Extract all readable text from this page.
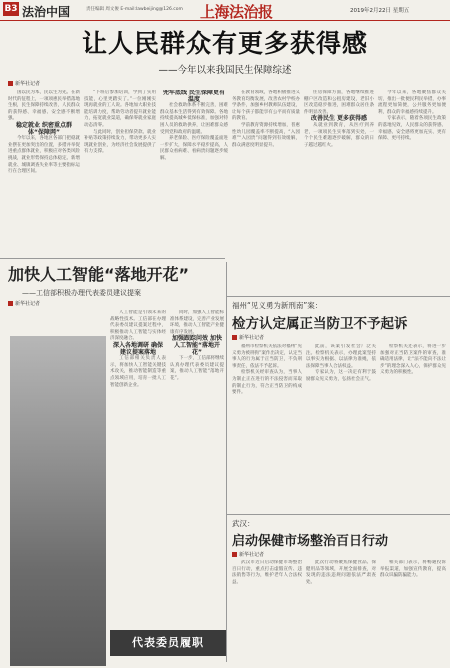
B3 法治中国	责任编辑 周文俊 E-mail:lawbeijing@126.com	上海法治报	2019年2月22日 星期五
让人民群众有更多获得感
——今年以来我国民生保障综述
新华社记者

国以民为本，民以生为先。在新时代的征程上，一项项惠民举措落地生根，民生保障持续改善，人民群众的获得感、幸福感、安全感不断增强。

稳定就业 织密重点群体“保障网”

今年以来，各地区各部门把稳就业摆在更加突出的位置，多措并举促进重点群体就业，积极应对各类风险挑战，就业形势保持总体稳定。新增就业、城镇调查失业率等主要指标运行在合理区间。

“下班后参加培训，学到了实用技能，心里更踏实了。”一位刚刚实现再就业的工人说。各地加大职业技能培训力度，帮助劳动者提升就业能力，拓宽就业渠道，确保零就业家庭动态清零。

与此同时，创业担保贷款、就业补贴等政策持续发力，带动更多人实现就业创业，为经济社会发展提供了有力支撑。

兜牢底线 民生保障更有温度

社会救助体系不断完善，困难群众基本生活得到有效保障。各地持续提高城乡低保标准，加强对特困人员的救助供养，让困难群众感受到党和政府的温暖。

养老保险、医疗保险覆盖面进一步扩大，保障水平稳步提高，人民群众看病难、看病贵问题逐步缓解。

在教育领域，各地积极推进义务教育均衡发展，改善农村学校办学条件，加强乡村教师队伍建设，让每个孩子都能享有公平而有质量的教育。

学前教育资源持续增加，普惠性幼儿园覆盖率不断提高，“入园难”“入园贵”问题得到有效缓解，群众满意度明显提升。

住房保障方面，各地继续推进棚户区改造和公租房建设，老旧小区改造稳步推进，困难群众居住条件明显改善。

改善民生 更多获得感

从就业到教育，从医疗到养老，一项项民生实事落到实处，一个个民生难题逐步破解，群众的日子越过越红火。

今年以来，各地聚焦群众关切，推出一批便民利民举措，办事流程更加简便，公共服务更加便利，群众的幸福感持续提升。

专家表示，随着各项民生政策的落地见效，人民群众的获得感、幸福感、安全感将更加充实、更有保障、更可持续。

加快人工智能“落地开花”
——工信部积极办理代表委员建议提案
新华社记者

人工智能是引领未来的战略性技术。工信部在办理代表委员建议提案过程中，积极推动人工智能与实体经济深度融合。

深入各地调研 确保建议提案落地

工信部相关负责人表示，将加快人工智能关键技术攻关，推动智能制造等重点领域应用，培育一批人工智能创新企业。

同时，加强人工智能标准体系建设，完善产业发展环境，推动人工智能产业健康有序发展。

加强跟踪问效 加快人工智能“落地开花”

下一步，工信部将继续认真办理代表委员建议提案，推动人工智能“落地开花”。

代表委员履职
福州“见义勇为新刑南”案：
检方认定属正当防卫不予起诉
新华社记者

福州市检察机关依法对福州“见义勇为被刑拘”案作出决定，认定当事人的行为属于正当防卫，不负刑事责任，依法不予起诉。

检察机关经审查认为，当事人为制止正在进行的不法侵害而采取的制止行为，符合正当防卫的构成要件。

此前，该案引发社会广泛关注。检察机关表示，办理此案坚持以事实为根据、以法律为准绳，依法保障当事人合法权益。

专家认为，这一决定有利于鼓励群众见义勇为，弘扬社会正气。

检察机关还表示，将进一步加强对正当防卫案件的审查，准确适用法律，让“法不能向不法让步”的理念深入人心，保护群众见义勇为的积极性。

武汉：
启动保健市场整治百日行动
新华社记者

武汉市近日启动保健市场整治百日行动，重点打击虚假宣传、违法销售等行为，维护老年人合法权益。

此次行动将聚焦保健食品、保健用品等领域，开展全面排查，对发现的违法违规问题依法严肃查处。

相关部门表示，将畅通投诉举报渠道，加强宣传教育，提高群众识骗防骗能力。
